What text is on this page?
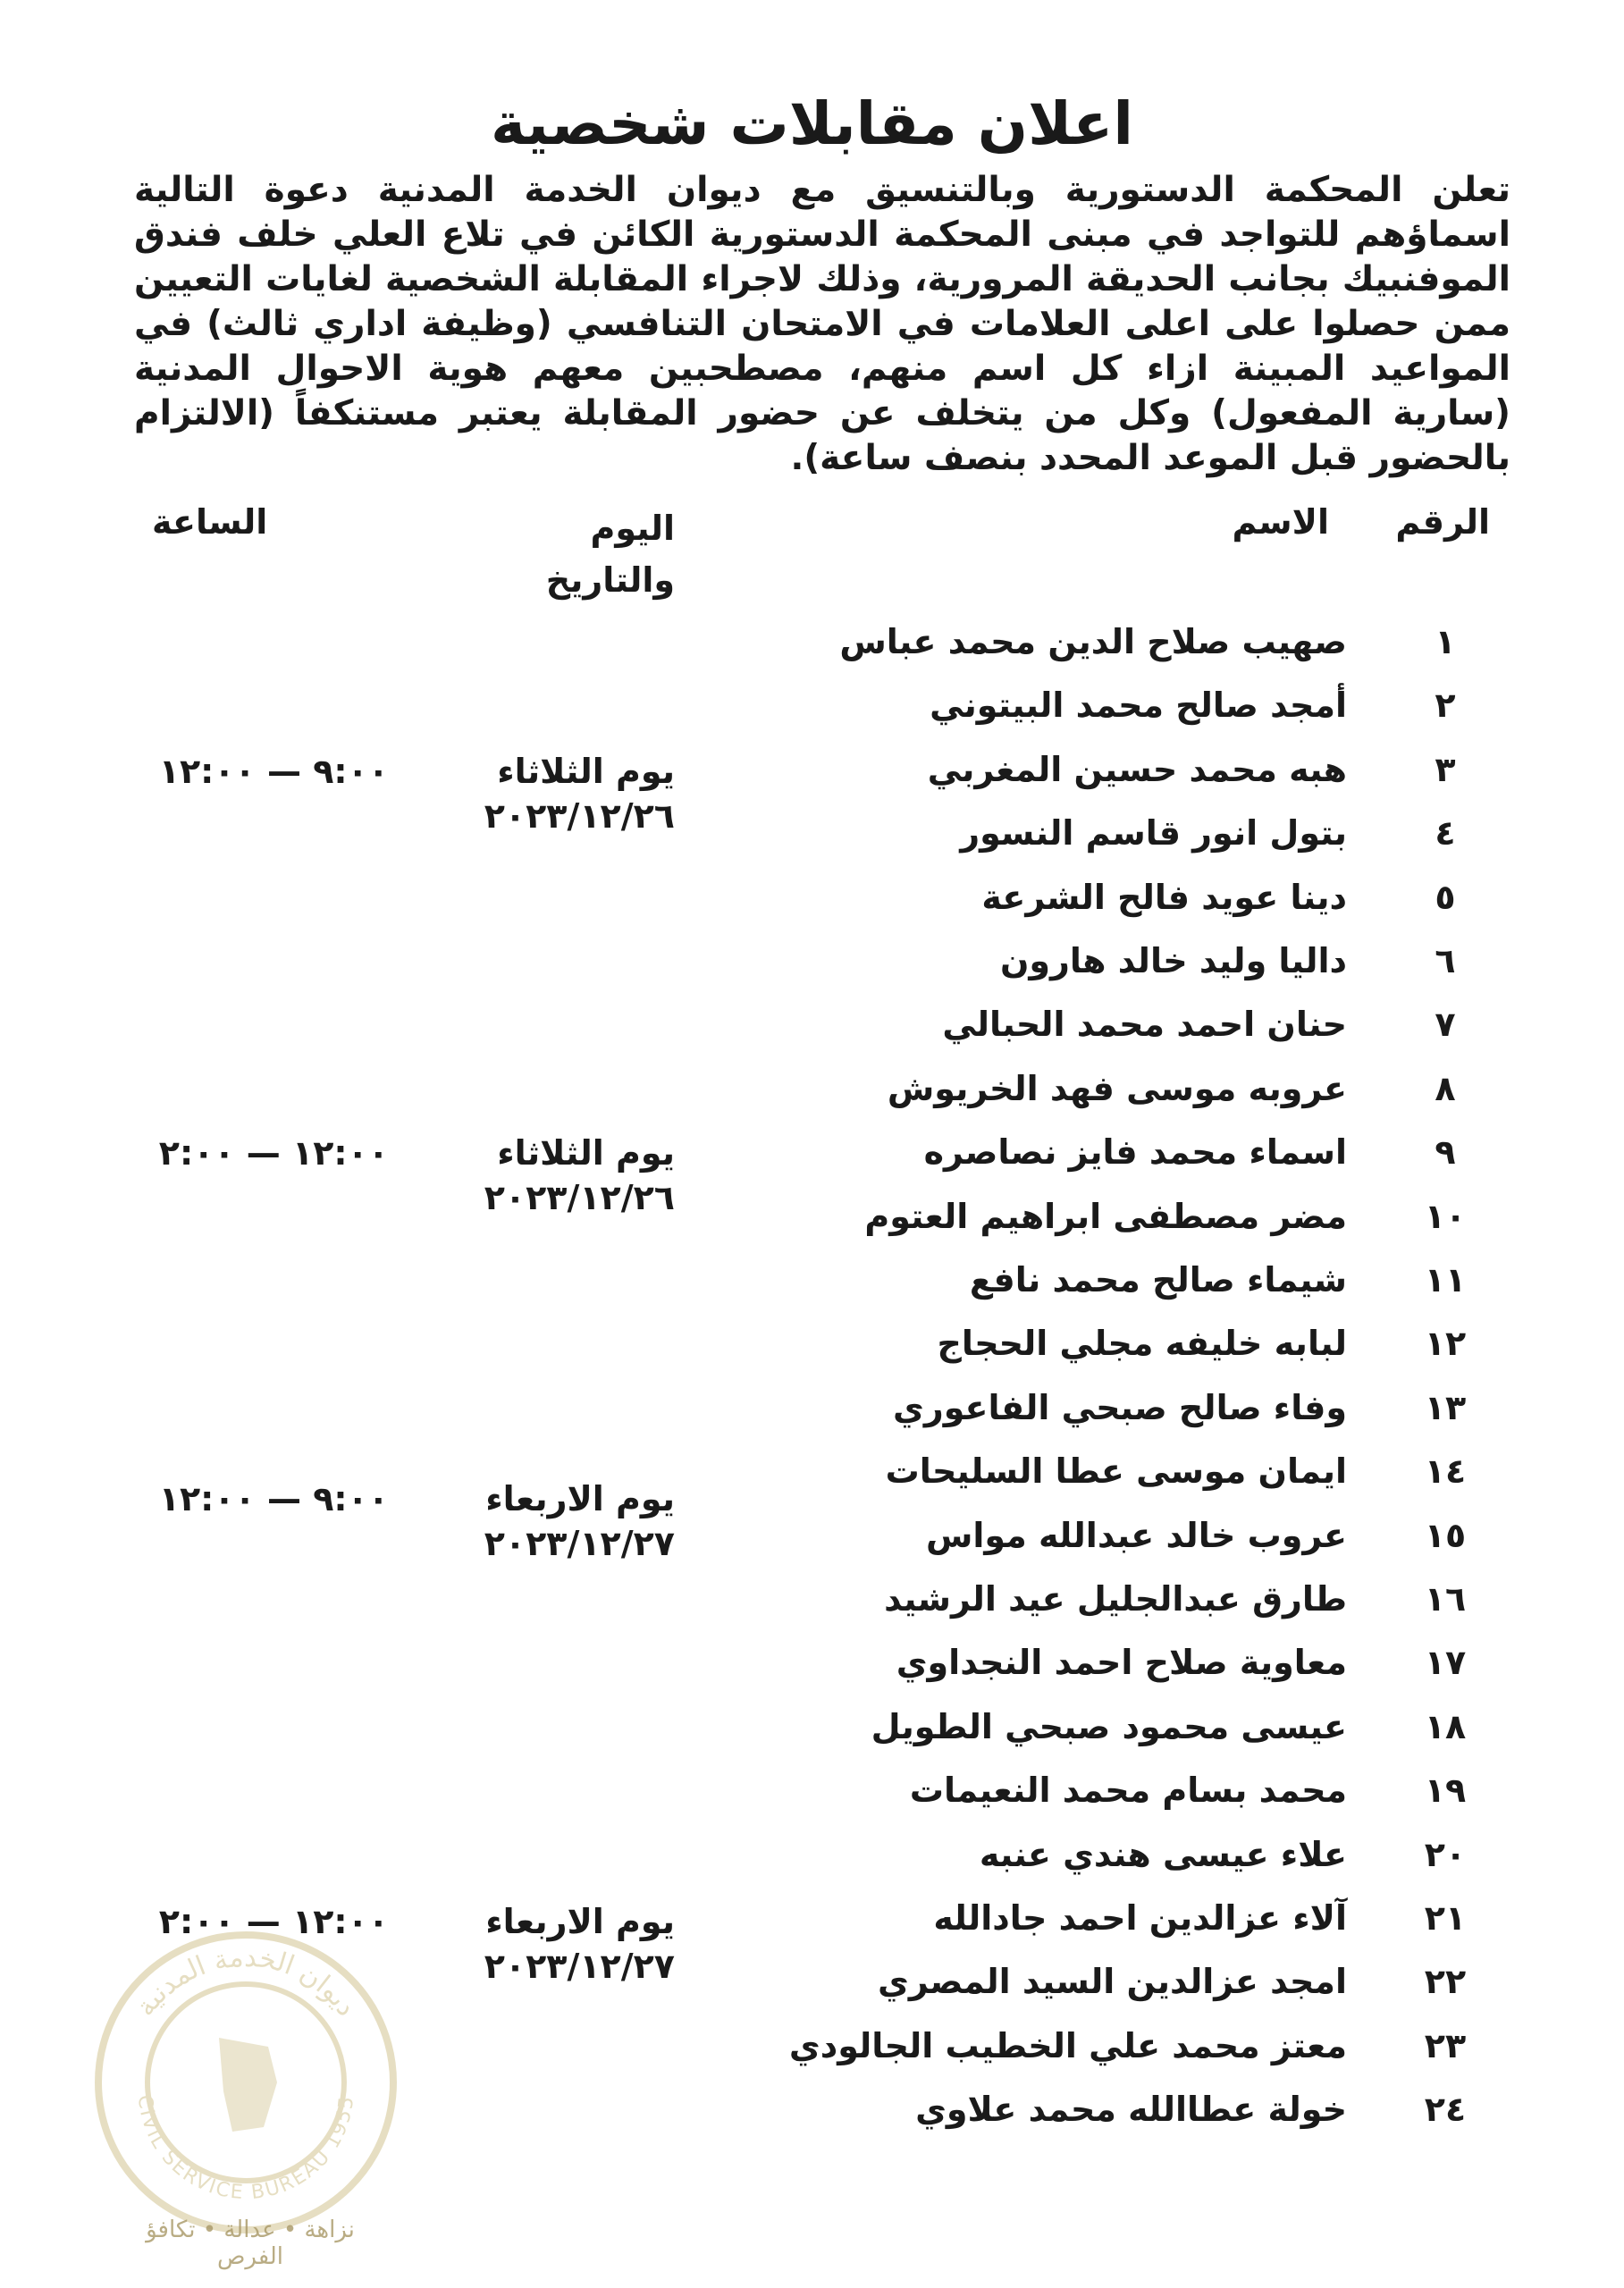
اعلان مقابلات شخصية
تعلن المحكمة الدستورية وبالتنسيق مع ديوان الخدمة المدنية دعوة التالية اسماؤهم للتواجد في مبنى المحكمة الدستورية الكائن في تلاع العلي خلف فندق الموفنبيك بجانب الحديقة المرورية، وذلك لاجراء المقابلة الشخصية لغايات التعيين ممن حصلوا على اعلى العلامات في الامتحان التنافسي (وظيفة اداري ثالث) في المواعيد المبينة ازاء كل اسم منهم، مصطحبين معهم هوية الاحوال المدنية (سارية المفعول) وكل من يتخلف عن حضور المقابلة يعتبر مستنكفاً (الالتزام بالحضور قبل الموعد المحدد بنصف ساعة).
الرقم
الاسم
اليوم والتاريخ
الساعة
١
صهيب صلاح الدين محمد عباس
٢
أمجد صالح محمد البيتوني
٣
هبه محمد حسين المغربي
٤
بتول انور قاسم النسور
٥
دينا عويد فالح الشرعة
٦
داليا وليد خالد هارون
٧
حنان احمد محمد الحبالي
٨
عروبه موسى فهد الخريوش
٩
اسماء محمد فايز نصاصره
١٠
مضر مصطفى ابراهيم العتوم
١١
شيماء صالح محمد نافع
١٢
لبابه خليفه مجلي الحجاج
١٣
وفاء صالح صبحي الفاعوري
١٤
ايمان موسى عطا السليحات
١٥
عروب خالد عبدالله مواس
١٦
طارق عبدالجليل عيد الرشيد
١٧
معاوية صلاح احمد النجداوي
١٨
عيسى محمود صبحي الطويل
١٩
محمد بسام محمد النعيمات
٢٠
علاء عيسى هندي عنبه
٢١
آلاء عزالدين احمد جادالله
٢٢
امجد عزالدين السيد المصري
٢٣
معتز محمد علي الخطيب الجالودي
٢٤
خولة عطاالله محمد علاوي
يوم الثلاثاء
٢٠٢٣/١٢/٢٦
٩:٠٠ — ١٢:٠٠
يوم الثلاثاء
٢٠٢٣/١٢/٢٦
١٢:٠٠ — ٢:٠٠
يوم الاربعاء
٢٠٢٣/١٢/٢٧
٩:٠٠ — ١٢:٠٠
يوم الاربعاء
٢٠٢٣/١٢/٢٧
١٢:٠٠ — ٢:٠٠
ديوان الخدمة المدنية
CIVIL SERVICE BUREAU 1955
نزاهة • عدالة • تكافؤ الفرص
